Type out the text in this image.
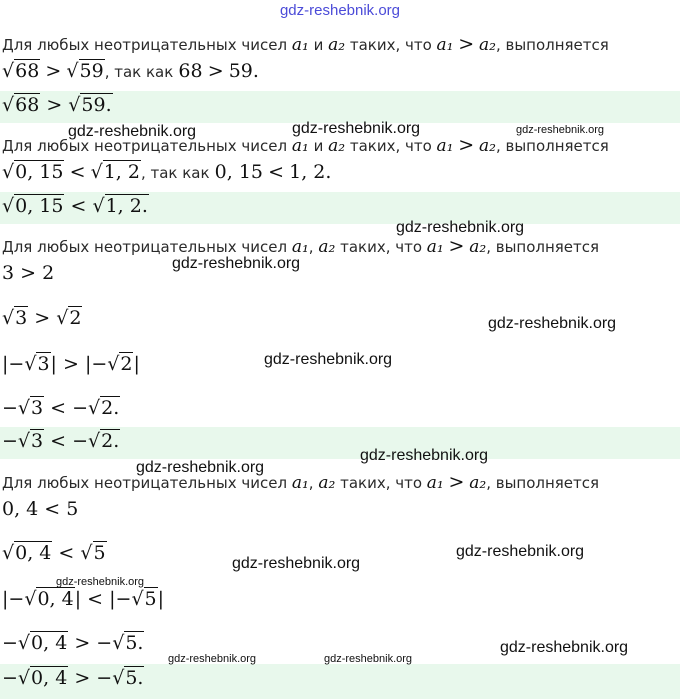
gdz-reshebnik.org
Для любых неотрицательных чисел a₁ и a₂ таких, что a₁ > a₂, выполняется
√68 > √59, так как 68 > 59.
√68 > √59.
Для любых неотрицательных чисел a₁ и a₂ таких, что a₁ > a₂, выполняется
√0, 15 < √1, 2, так как 0, 15 < 1, 2.
√0, 15 < √1, 2.
Для любых неотрицательных чисел a₁, a₂ таких, что a₁ > a₂, выполняется
3 > 2
√3 > √2
|−√3| > |−√2|
−√3 < −√2.
−√3 < −√2.
Для любых неотрицательных чисел a₁, a₂ таких, что a₁ > a₂, выполняется
0, 4 < 5
√0, 4 < √5
|−√0, 4| < |−√5|
−√0, 4 > −√5.
−√0, 4 > −√5.
gdz-reshebnik.org	gdz-reshebnik.org	gdz-reshebnik.org
gdz-reshebnik.org
gdz-reshebnik.org
gdz-reshebnik.org
gdz-reshebnik.org
gdz-reshebnik.org
gdz-reshebnik.org
gdz-reshebnik.org
gdz-reshebnik.org
gdz-reshebnik.org
gdz-reshebnik.org
gdz-reshebnik.org	gdz-reshebnik.org
